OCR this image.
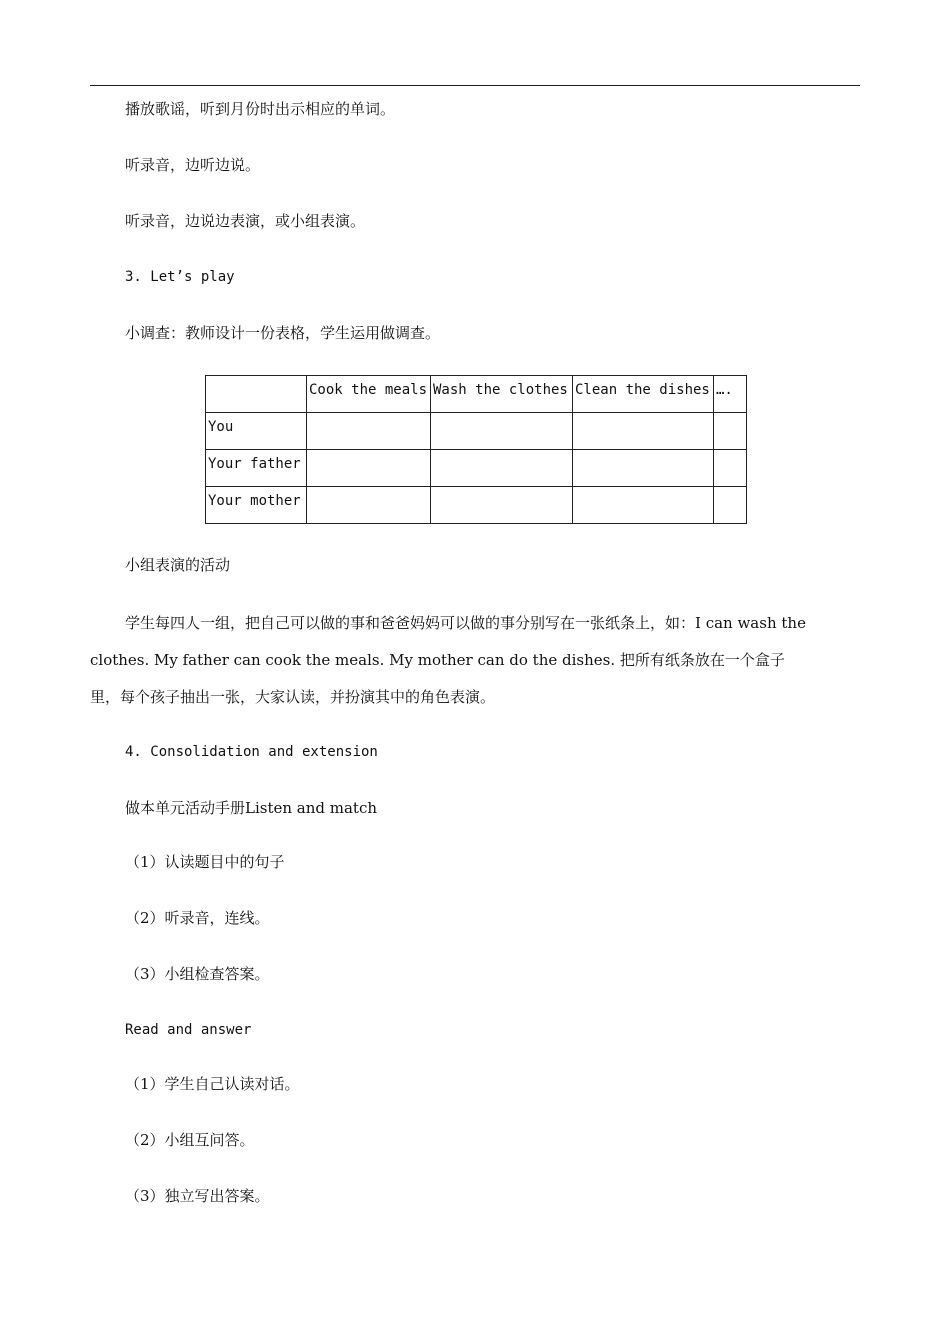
播放歌谣，听到月份时出示相应的单词。
听录音，边听边说。
听录音，边说边表演，或小组表演。
3. Let’s play
小调查：教师设计一份表格，学生运用做调查。
	Cook the meals	Wash the clothes	Clean the dishes	….
You				
Your father				
Your mother				
小组表演的活动
学生每四人一组，把自己可以做的事和爸爸妈妈可以做的事分别写在一张纸条上，如：I can wash the
clothes. My father can cook the meals. My mother can do the dishes. 把所有纸条放在一个盒子
里，每个孩子抽出一张，大家认读，并扮演其中的角色表演。
4. Consolidation and extension
做本单元活动手册Listen and match
（1）认读题目中的句子
（2）听录音，连线。
（3）小组检查答案。
Read and answer
（1）学生自己认读对话。
（2）小组互问答。
（3）独立写出答案。
